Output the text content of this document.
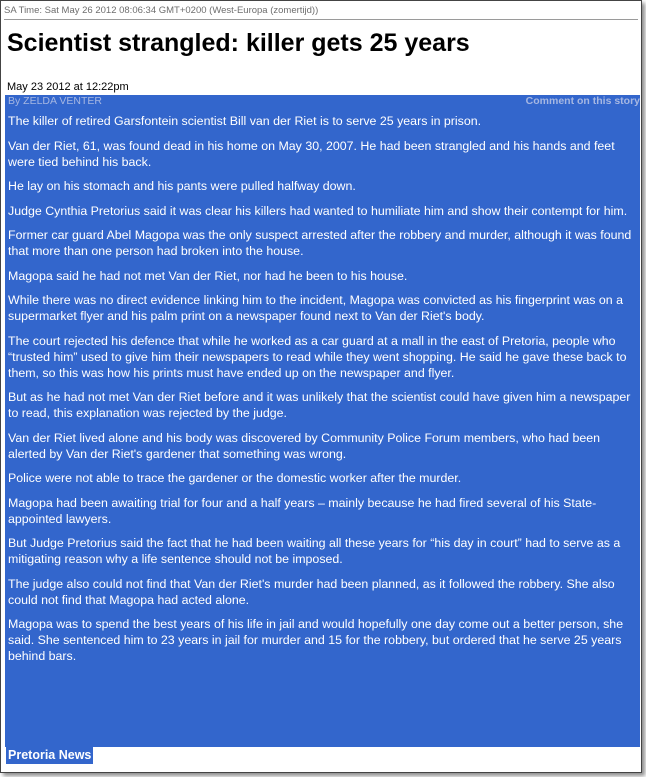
SA Time: Sat May 26 2012 08:06:34 GMT+0200 (West-Europa (zomertijd))
Scientist strangled: killer gets 25 years
May 23 2012 at 12:22pm
By ZELDA VENTER	Comment on this story

The killer of retired Garsfontein scientist Bill van der Riet is to serve 25 years in prison.

Van der Riet, 61, was found dead in his home on May 30, 2007. He had been strangled and his hands and feet were tied behind his back.

He lay on his stomach and his pants were pulled halfway down.

Judge Cynthia Pretorius said it was clear his killers had wanted to humiliate him and show their contempt for him.

Former car guard Abel Magopa was the only suspect arrested after the robbery and murder, although it was found that more than one person had broken into the house.

Magopa said he had not met Van der Riet, nor had he been to his house.

While there was no direct evidence linking him to the incident, Magopa was convicted as his fingerprint was on a supermarket flyer and his palm print on a newspaper found next to Van der Riet's body.

The court rejected his defence that while he worked as a car guard at a mall in the east of Pretoria, people who “trusted him” used to give him their newspapers to read while they went shopping. He said he gave these back to them, so this was how his prints must have ended up on the newspaper and flyer.

But as he had not met Van der Riet before and it was unlikely that the scientist could have given him a newspaper to read, this explanation was rejected by the judge.

Van der Riet lived alone and his body was discovered by Community Police Forum members, who had been alerted by Van der Riet's gardener that something was wrong.

Police were not able to trace the gardener or the domestic worker after the murder.

Magopa had been awaiting trial for four and a half years – mainly because he had fired several of his State-appointed lawyers.

But Judge Pretorius said the fact that he had been waiting all these years for “his day in court” had to serve as a mitigating reason why a life sentence should not be imposed.

The judge also could not find that Van der Riet's murder had been planned, as it followed the robbery. She also could not find that Magopa had acted alone.

Magopa was to spend the best years of his life in jail and would hopefully one day come out a better person, she said. She sentenced him to 23 years in jail for murder and 15 for the robbery, but ordered that he serve 25 years behind bars.

Pretoria News
